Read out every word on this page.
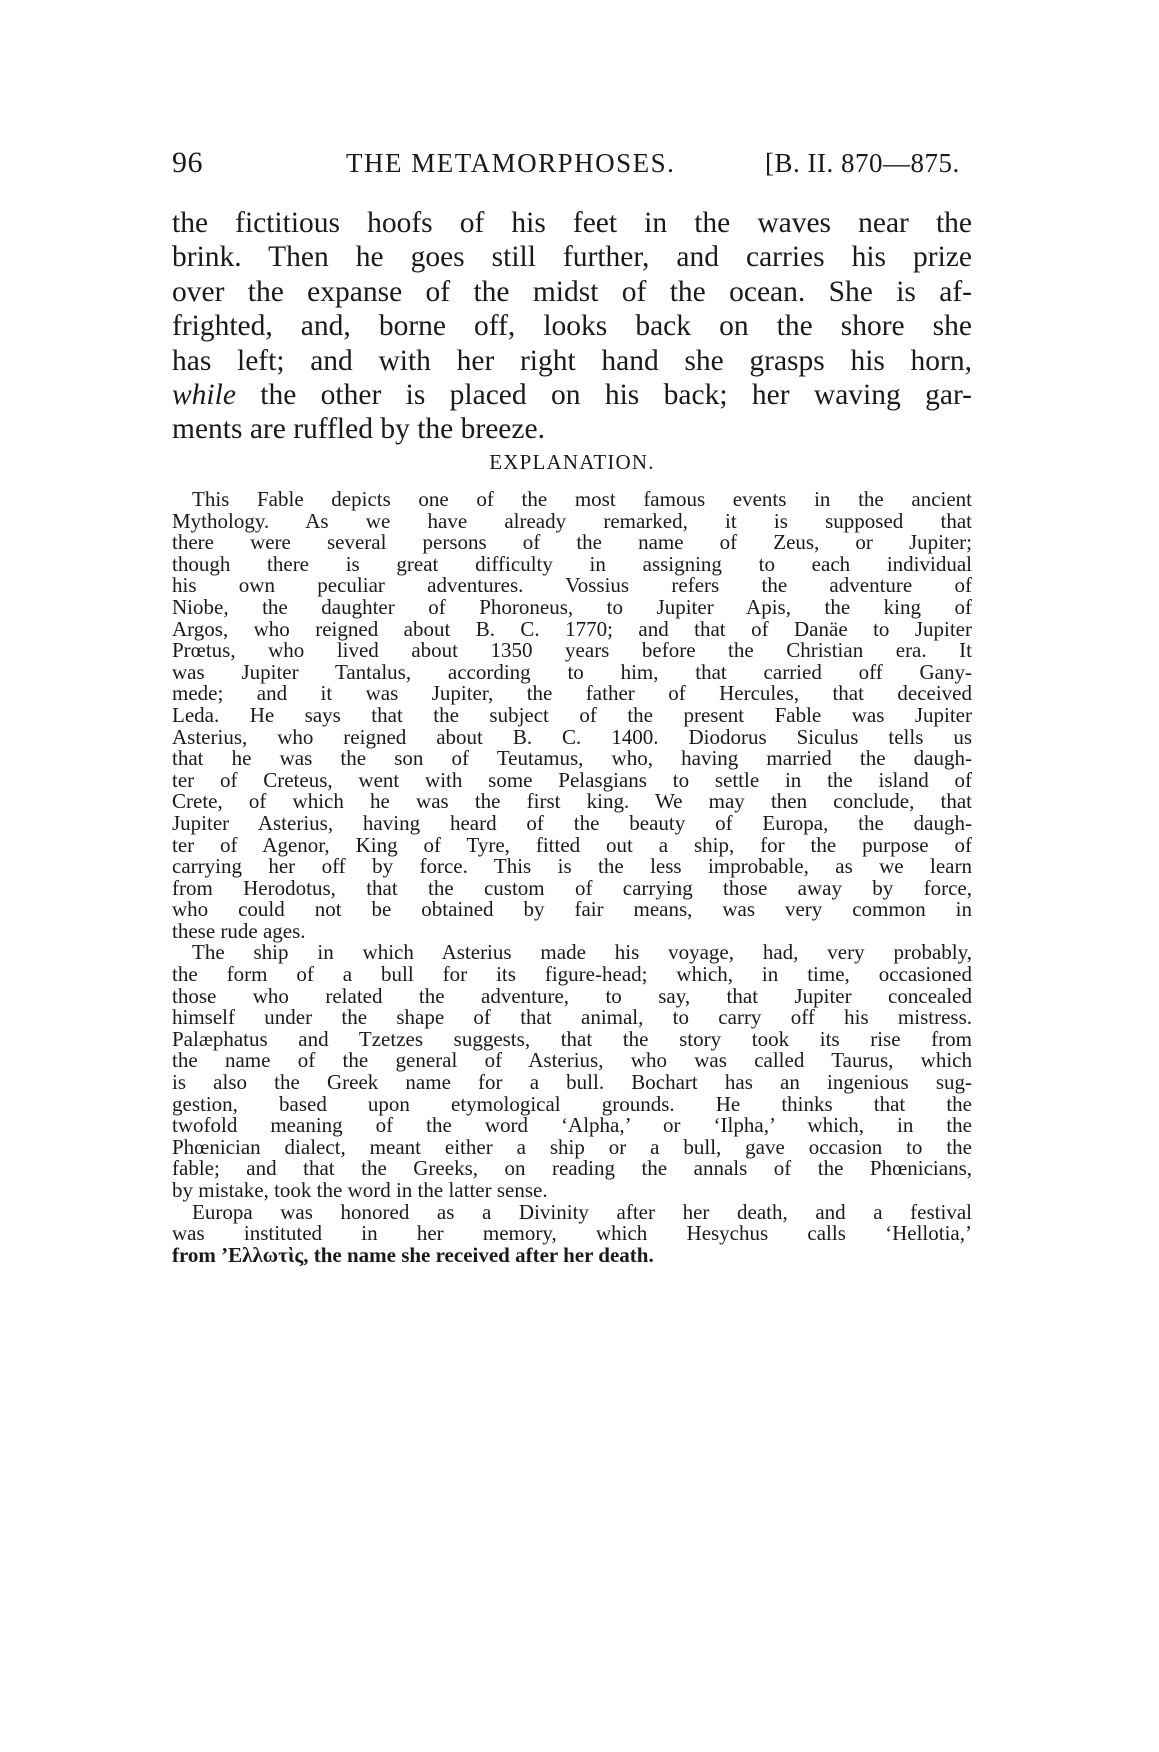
96	THE METAMORPHOSES.	[B. II. 870—875.
the fictitious hoofs of his feet in the waves near the
brink. Then he goes still further, and carries his prize
over the expanse of the midst of the ocean. She is af-
frighted, and, borne off, looks back on the shore she
has left; and with her right hand she grasps his horn,
while the other is placed on his back; her waving gar-
ments are ruffled by the breeze.
EXPLANATION.
This Fable depicts one of the most famous events in the ancient
Mythology. As we have already remarked, it is supposed that
there were several persons of the name of Zeus, or Jupiter;
though there is great difficulty in assigning to each individual
his own peculiar adventures. Vossius refers the adventure of
Niobe, the daughter of Phoroneus, to Jupiter Apis, the king of
Argos, who reigned about B. C. 1770; and that of Danäe to Jupiter
Prœtus, who lived about 1350 years before the Christian era. It
was Jupiter Tantalus, according to him, that carried off Gany-
mede; and it was Jupiter, the father of Hercules, that deceived
Leda. He says that the subject of the present Fable was Jupiter
Asterius, who reigned about B. C. 1400. Diodorus Siculus tells us
that he was the son of Teutamus, who, having married the daugh-
ter of Creteus, went with some Pelasgians to settle in the island of
Crete, of which he was the first king. We may then conclude, that
Jupiter Asterius, having heard of the beauty of Europa, the daugh-
ter of Agenor, King of Tyre, fitted out a ship, for the purpose of
carrying her off by force. This is the less improbable, as we learn
from Herodotus, that the custom of carrying those away by force,
who could not be obtained by fair means, was very common in
these rude ages.
The ship in which Asterius made his voyage, had, very probably,
the form of a bull for its figure-head; which, in time, occasioned
those who related the adventure, to say, that Jupiter concealed
himself under the shape of that animal, to carry off his mistress.
Palæphatus and Tzetzes suggests, that the story took its rise from
the name of the general of Asterius, who was called Taurus, which
is also the Greek name for a bull. Bochart has an ingenious sug-
gestion, based upon etymological grounds. He thinks that the
twofold meaning of the word ‘Alpha,’ or ‘Ilpha,’ which, in the
Phœnician dialect, meant either a ship or a bull, gave occasion to the
fable; and that the Greeks, on reading the annals of the Phœnicians,
by mistake, took the word in the latter sense.
Europa was honored as a Divinity after her death, and a festival
was instituted in her memory, which Hesychus calls ‘Hellotia,’
from ’Ελλωτὶς, the name she received after her death.
